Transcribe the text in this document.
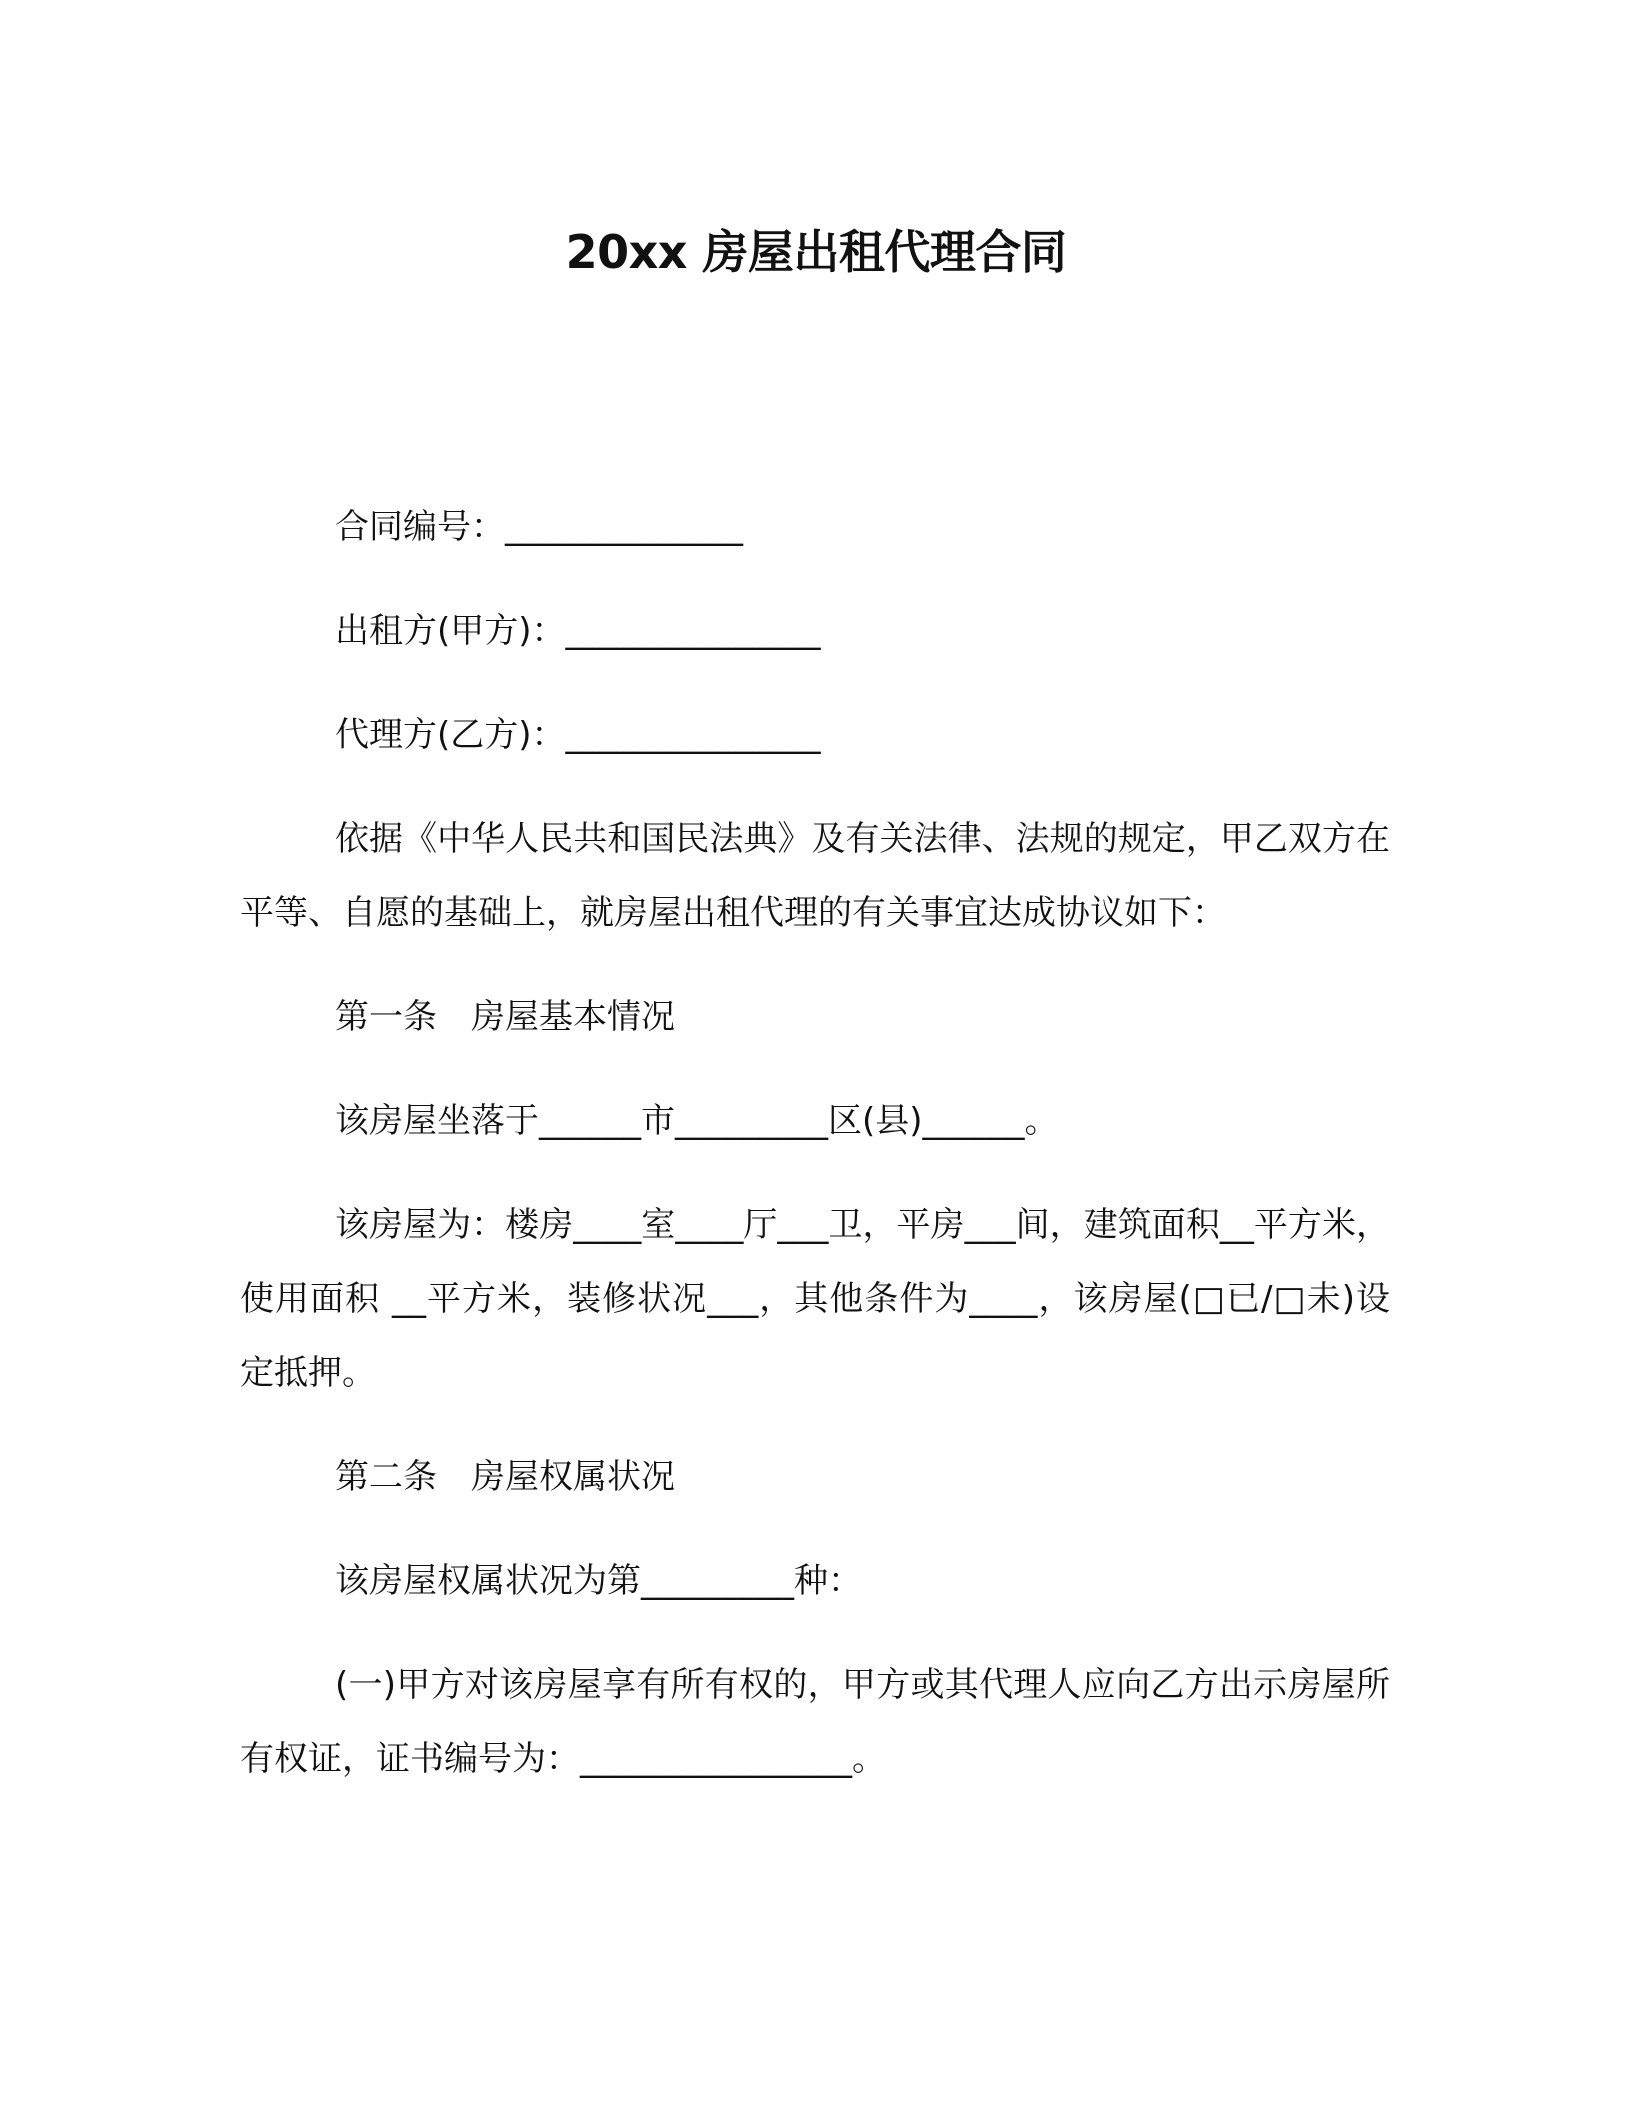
20xx 房屋出租代理合同

合同编号：______________

出租方(甲方)：_______________

代理方(乙方)：_______________

依据《中华人民共和国民法典》及有关法律、法规的规定，甲乙双方在平等、自愿的基础上，就房屋出租代理的有关事宜达成协议如下：

第一条　房屋基本情况

该房屋坐落于______市_________区(县)______。

该房屋为：楼房____室____厅___卫，平房___间，建筑面积__平方米，使用面积 __平方米，装修状况___，其他条件为____，该房屋(□已/□未)设定抵押。

第二条　房屋权属状况

该房屋权属状况为第_________种：

(一)甲方对该房屋享有所有权的，甲方或其代理人应向乙方出示房屋所有权证，证书编号为：________________。
